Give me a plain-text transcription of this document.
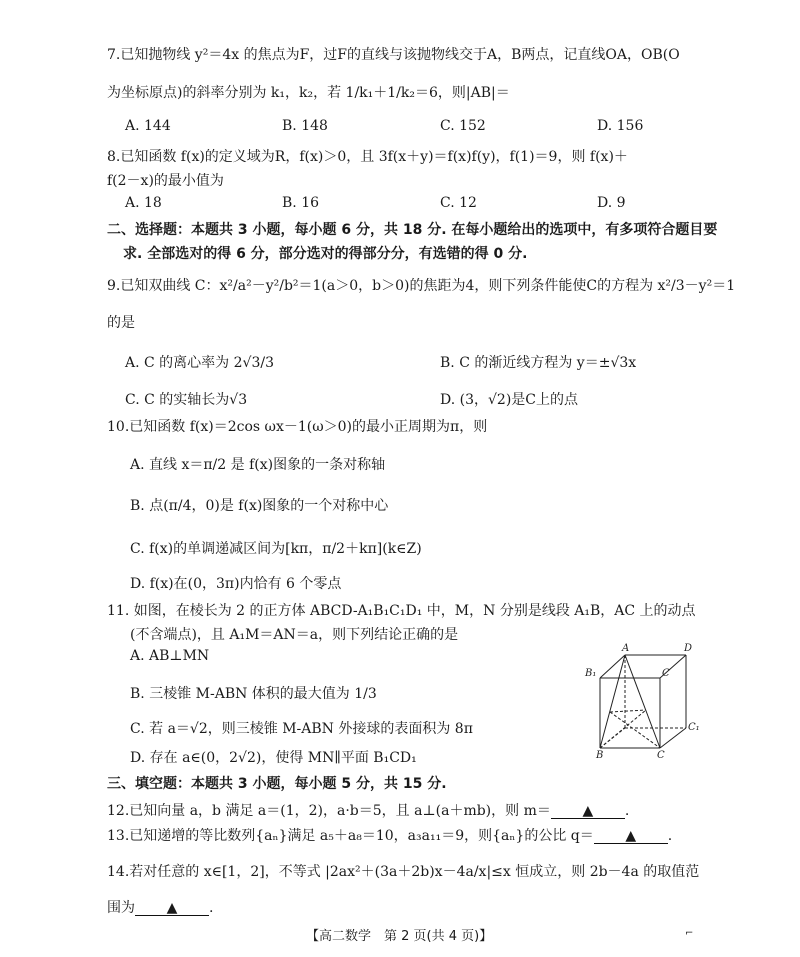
7.已知抛物线 y²＝4x 的焦点为F，过F的直线与该抛物线交于A，B两点，记直线OA，OB(O
为坐标原点)的斜率分别为 k₁，k₂，若 1/k₁＋1/k₂＝6，则|AB|＝
A. 144	B. 148	C. 152	D. 156
8.已知函数 f(x)的定义域为R，f(x)＞0，且 3f(x＋y)＝f(x)f(y)，f(1)＝9，则 f(x)＋
f(2－x)的最小值为
A. 18	B. 16	C. 12	D. 9
二、选择题：本题共 3 小题，每小题 6 分，共 18 分. 在每小题给出的选项中，有多项符合题目要
求. 全部选对的得 6 分，部分选对的得部分分，有选错的得 0 分.
9.已知双曲线 C：x²/a²－y²/b²＝1(a＞0，b＞0)的焦距为4，则下列条件能使C的方程为 x²/3－y²＝1
的是
A. C 的离心率为 2√3/3	B. C 的渐近线方程为 y＝±√3x
C. C 的实轴长为√3	D. (3，√2)是C上的点
10.已知函数 f(x)＝2cos ωx－1(ω＞0)的最小正周期为π，则
A. 直线 x＝π/2 是 f(x)图象的一条对称轴
B. 点(π/4，0)是 f(x)图象的一个对称中心
C. f(x)的单调递减区间为[kπ，π/2＋kπ](k∈Z)
D. f(x)在(0，3π)内恰有 6 个零点
11. 如图，在棱长为 2 的正方体 ABCD-A₁B₁C₁D₁ 中，M，N 分别是线段 A₁B，AC 上的动点
(不含端点)，且 A₁M＝AN＝a，则下列结论正确的是
A. AB⊥MN
B. 三棱锥 M-ABN 体积的最大值为 1/3
C. 若 a＝√2，则三棱锥 M-ABN 外接球的表面积为 8π
D. 存在 a∈(0，2√2)，使得 MN∥平面 B₁CD₁
A	D
B₁	C
C₁
B	C
三、填空题：本题共 3 小题，每小题 5 分，共 15 分.
12.已知向量 a，b 满足 a＝(1，2)，a·b＝5，且 a⊥(a＋mb)，则 m＝ ▲ .
13.已知递增的等比数列{aₙ}满足 a₅＋a₈＝10，a₃a₁₁＝9，则{aₙ}的公比 q＝ ▲ .
14.若对任意的 x∈[1，2]，不等式 |2ax²＋(3a＋2b)x－4a/x|≤x 恒成立，则 2b－4a 的取值范
围为 ▲ .
【高二数学　第 2 页(共 4 页)】	⌐
